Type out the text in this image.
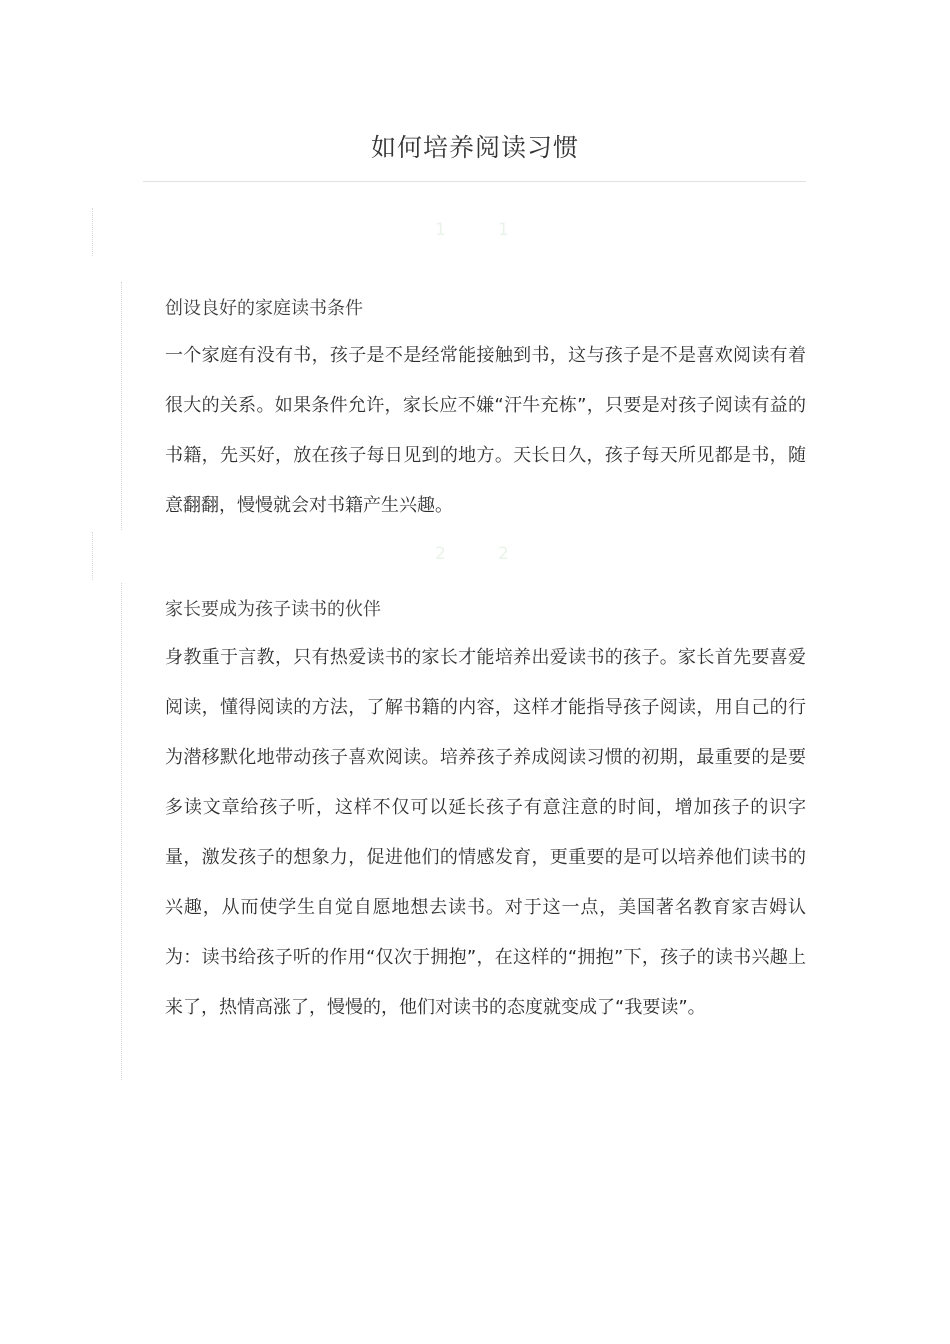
如何培养阅读习惯
1	1
创设良好的家庭读书条件

一个家庭有没有书，孩子是不是经常能接触到书，这与孩子是不是喜欢阅读有着很大的关系。如果条件允许，家长应不嫌“汗牛充栋”，只要是对孩子阅读有益的书籍，先买好，放在孩子每日见到的地方。天长日久，孩子每天所见都是书，随意翻翻，慢慢就会对书籍产生兴趣。

2	2
家长要成为孩子读书的伙伴

身教重于言教，只有热爱读书的家长才能培养出爱读书的孩子。家长首先要喜爱阅读，懂得阅读的方法，了解书籍的内容，这样才能指导孩子阅读，用自己的行为潜移默化地带动孩子喜欢阅读。培养孩子养成阅读习惯的初期，最重要的是要多读文章给孩子听，这样不仅可以延长孩子有意注意的时间，增加孩子的识字量，激发孩子的想象力，促进他们的情感发育，更重要的是可以培养他们读书的兴趣，从而使学生自觉自愿地想去读书。对于这一点，美国著名教育家吉姆认为：读书给孩子听的作用“仅次于拥抱”，在这样的“拥抱”下，孩子的读书兴趣上来了，热情高涨了，慢慢的，他们对读书的态度就变成了“我要读”。
